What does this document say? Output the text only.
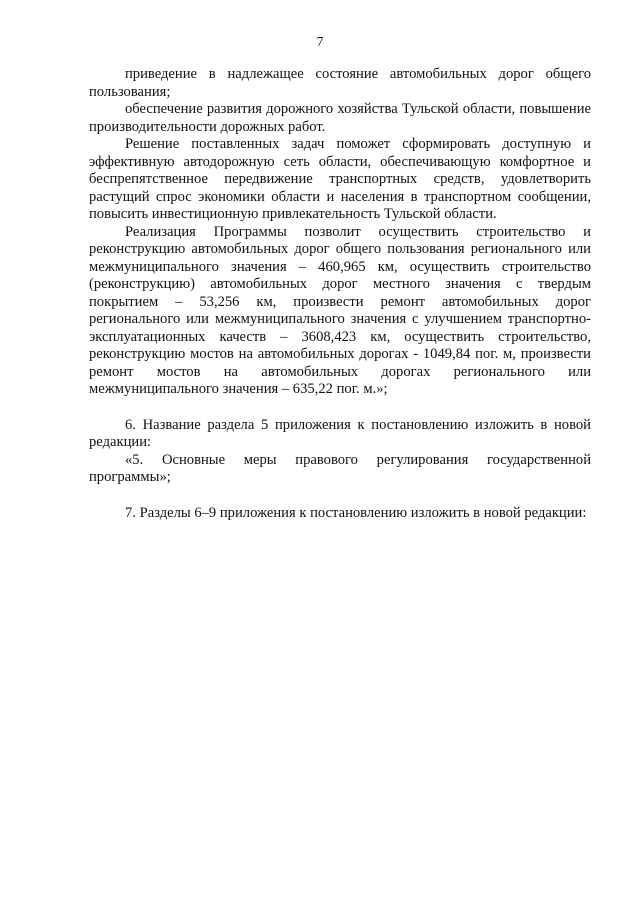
7

приведение в надлежащее состояние автомобильных дорог общего пользования;

обеспечение развития дорожного хозяйства Тульской области, повышение производительности дорожных работ.

Решение поставленных задач поможет сформировать доступную и эффективную автодорожную сеть области, обеспечивающую комфортное и беспрепятственное передвижение транспортных средств, удовлетворить растущий спрос экономики области и населения в транспортном сообщении, повысить инвестиционную привлекательность Тульской области.

Реализация Программы позволит осуществить строительство и реконструкцию автомобильных дорог общего пользования регионального или межмуниципального значения – 460,965 км, осуществить строительство (реконструкцию) автомобильных дорог местного значения с твердым покрытием – 53,256 км, произвести ремонт автомобильных дорог регионального или межмуниципального значения с улучшением транспортно-эксплуатационных качеств – 3608,423 км, осуществить строительство, реконструкцию мостов на автомобильных дорогах - 1049,84 пог. м, произвести ремонт мостов на автомобильных дорогах регионального или межмуниципального значения – 635,22 пог. м.»;

6. Название раздела 5 приложения к постановлению изложить в новой редакции:

«5. Основные меры правового регулирования государственной программы»;

7. Разделы 6–9 приложения к постановлению изложить в новой редакции:
